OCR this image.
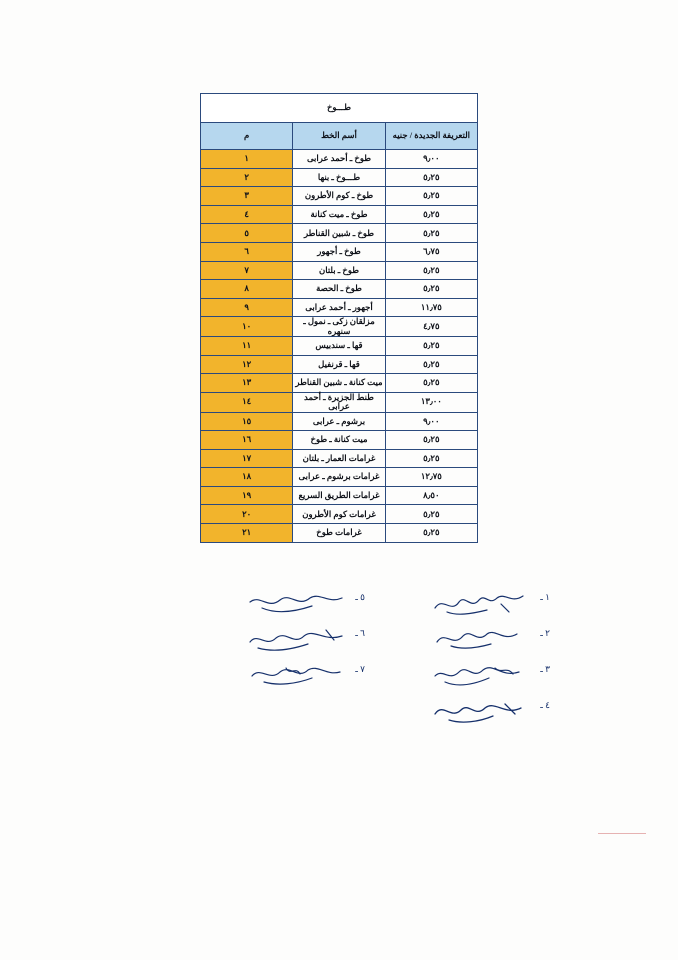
طـــوخ		
التعريفة الجديدة / جنيه	أسم الخط	م
٩٫٠٠	طوخ ـ أحمد عرابى	١
٥٫٢٥	طـــوخ ـ بنها	٢
٥٫٢٥	طوخ ـ كوم الأطرون	٣
٥٫٢٥	طوخ ـ ميت كنانة	٤
٥٫٢٥	طوخ ـ شبين القناطر	٥
٦٫٧٥	طوخ ـ أجهور	٦
٥٫٢٥	طوخ ـ بلتان	٧
٥٫٢٥	طوخ ـ الحصة	٨
١١٫٧٥	أجهور ـ أحمد عرابى	٩
٤٫٧٥	مزلقان زكى ـ نمول ـ سنهره	١٠
٥٫٢٥	قها ـ سندبيس	١١
٥٫٢٥	قها ـ قرنفيل	١٢
٥٫٢٥	ميت كنانة ـ شبين القناطر	١٣
١٣٫٠٠	طنط الجزيرة ـ أحمد عرابى	١٤
٩٫٠٠	برشوم ـ عرابى	١٥
٥٫٢٥	ميت كنانة ـ طوخ	١٦
٥٫٢٥	غرامات العمار ـ بلتان	١٧
١٢٫٧٥	غرامات برشوم ـ عرابى	١٨
٨٫٥٠	غرامات الطريق السريع	١٩
٥٫٢٥	غرامات كوم الأطرون	٢٠
٥٫٢٥	غرامات طوخ	٢١
١ ـ
٢ ـ
٣ ـ
٤ ـ
٥ ـ
٦ ـ
٧ ـ
